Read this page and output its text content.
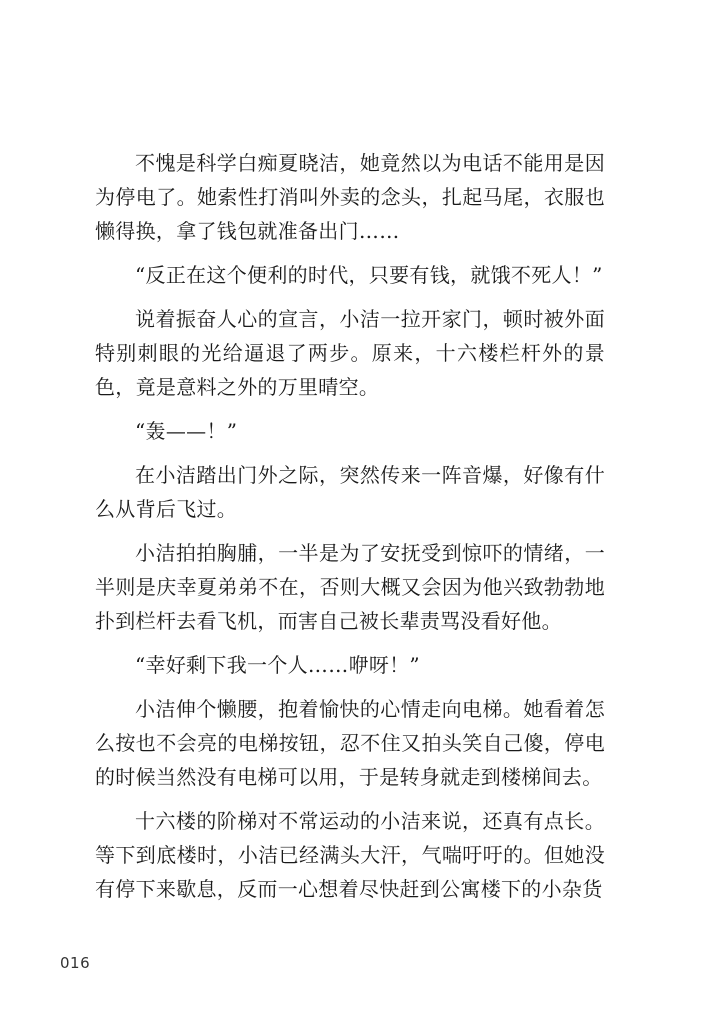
不愧是科学白痴夏晓洁，她竟然以为电话不能用是因为停电了。她索性打消叫外卖的念头，扎起马尾，衣服也懒得换，拿了钱包就准备出门……

“反正在这个便利的时代，只要有钱，就饿不死人！”

说着振奋人心的宣言，小洁一拉开家门，顿时被外面特别刺眼的光给逼退了两步。原来，十六楼栏杆外的景色，竟是意料之外的万里晴空。

“轰——！”

在小洁踏出门外之际，突然传来一阵音爆，好像有什么从背后飞过。

小洁拍拍胸脯，一半是为了安抚受到惊吓的情绪，一半则是庆幸夏弟弟不在，否则大概又会因为他兴致勃勃地扑到栏杆去看飞机，而害自己被长辈责骂没看好他。

“幸好剩下我一个人……咿呀！”

小洁伸个懒腰，抱着愉快的心情走向电梯。她看着怎么按也不会亮的电梯按钮，忍不住又拍头笑自己傻，停电的时候当然没有电梯可以用，于是转身就走到楼梯间去。

十六楼的阶梯对不常运动的小洁来说，还真有点长。等下到底楼时，小洁已经满头大汗，气喘吁吁的。但她没有停下来歇息，反而一心想着尽快赶到公寓楼下的小杂货

016
